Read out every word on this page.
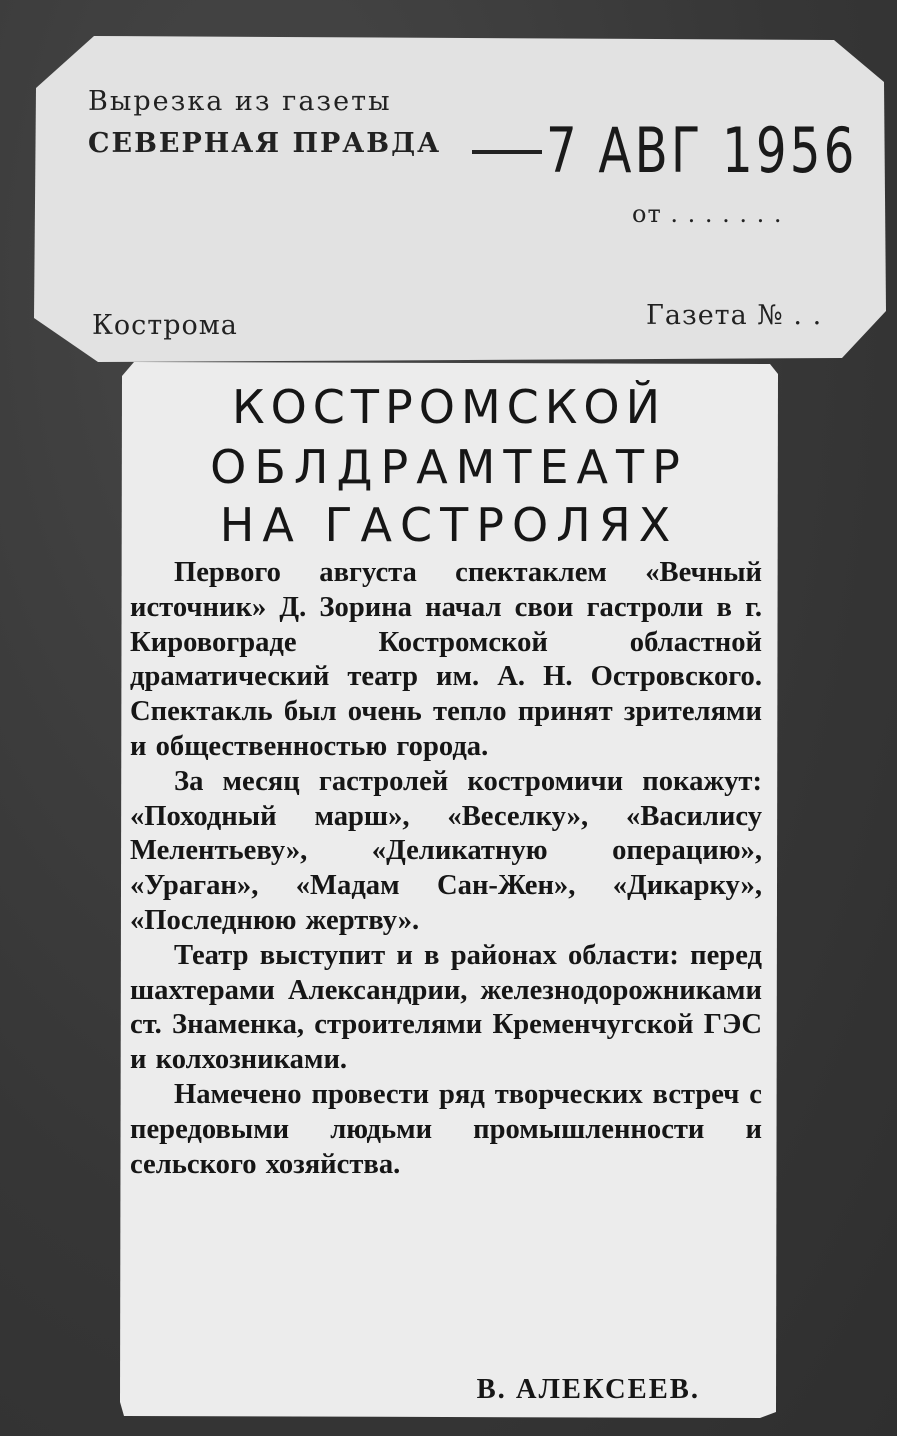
Вырезка из газеты
СЕВЕРНАЯ ПРАВДА 7 АВГ 1956
от . . . . . . .
Кострома	Газета № . .
КОСТРОМСКОЙ
ОБЛДРАМТЕАТР
НА ГАСТРОЛЯХ

Первого августа спектаклем «Вечный источник» Д. Зорина начал свои гастроли в г. Кировограде Костромской областной драматический театр им. А. Н. Островского. Спектакль был очень тепло принят зрителями и общественностью города.

За месяц гастролей костромичи покажут: «Походный марш», «Веселку», «Василису Мелентьеву», «Деликатную операцию», «Ураган», «Мадам Сан-Жен», «Дикарку», «Последнюю жертву».

Театр выступит и в районах области: перед шахтерами Александрии, железнодорожниками ст. Знаменка, строителями Кременчугской ГЭС и колхозниками.

Намечено провести ряд творческих встреч с передовыми людьми промышленности и сельского хозяйства.

В. АЛЕКСЕЕВ.
